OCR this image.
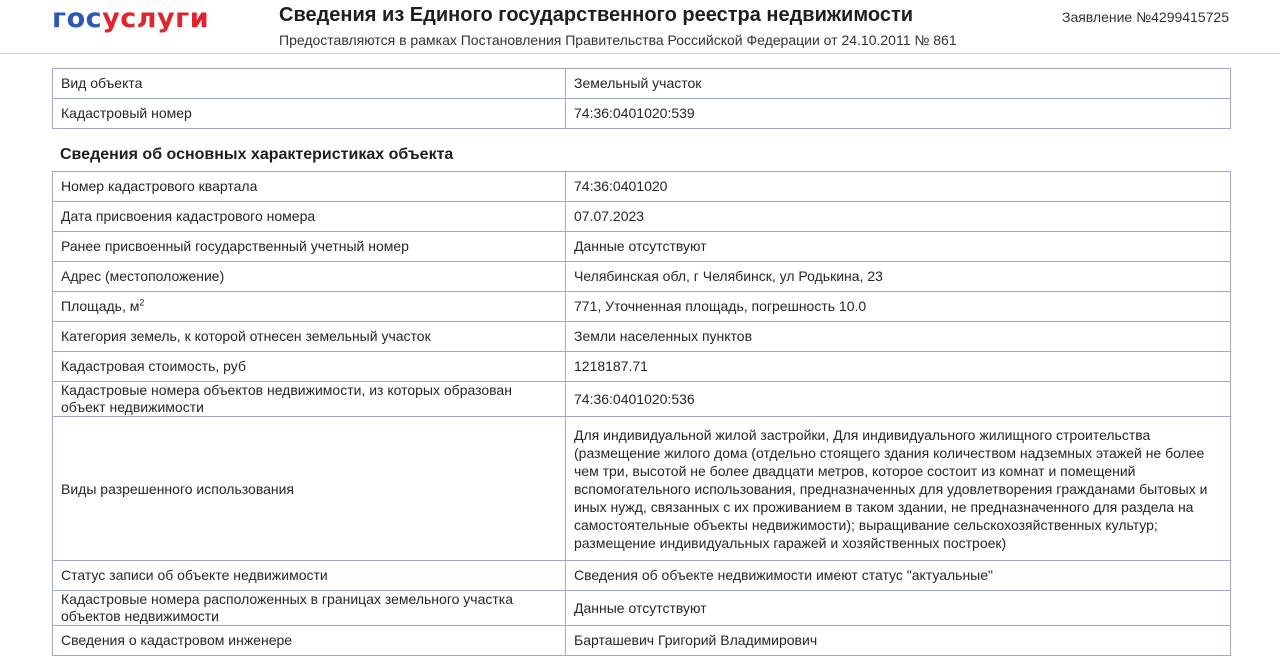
госуслуги	Сведения из Единого государственного реестра недвижимости
Предоставляются в рамках Постановления Правительства Российской Федерации от 24.10.2011 № 861
Заявление №4299415725
Вид объекта	Земельный участок
Кадастровый номер	74:36:0401020:539
Сведения об основных характеристиках объекта
Номер кадастрового квартала	74:36:0401020
Дата присвоения кадастрового номера	07.07.2023
Ранее присвоенный государственный учетный номер	Данные отсутствуют
Адрес (местоположение)	Челябинская обл, г Челябинск, ул Родькина, 23
Площадь, $м^2$	771, Уточненная площадь, погрешность 10.0
Категория земель, к которой отнесен земельный участок	Земли населенных пунктов
Кадастровая стоимость, руб	1218187.71
Кадастровые номера объектов недвижимости, из которых образован объект недвижимости	74:36:0401020:536
Виды разрешенного использования	Для индивидуальной жилой застройки, Для индивидуального жилищного строительства (размещение жилого дома (отдельно стоящего здания количеством надземных этажей не более чем три, высотой не более двадцати метров, которое состоит из комнат и помещений вспомогательного использования, предназначенных для удовлетворения гражданами бытовых и иных нужд, связанных с их проживанием в таком здании, не предназначенного для раздела на самостоятельные объекты недвижимости); выращивание сельскохозяйственных культур; размещение индивидуальных гаражей и хозяйственных построек)
Статус записи об объекте недвижимости	Сведения об объекте недвижимости имеют статус "актуальные"
Кадастровые номера расположенных в границах земельного участка объектов недвижимости	Данные отсутствуют
Сведения о кадастровом инженере	Барташевич Григорий Владимирович
